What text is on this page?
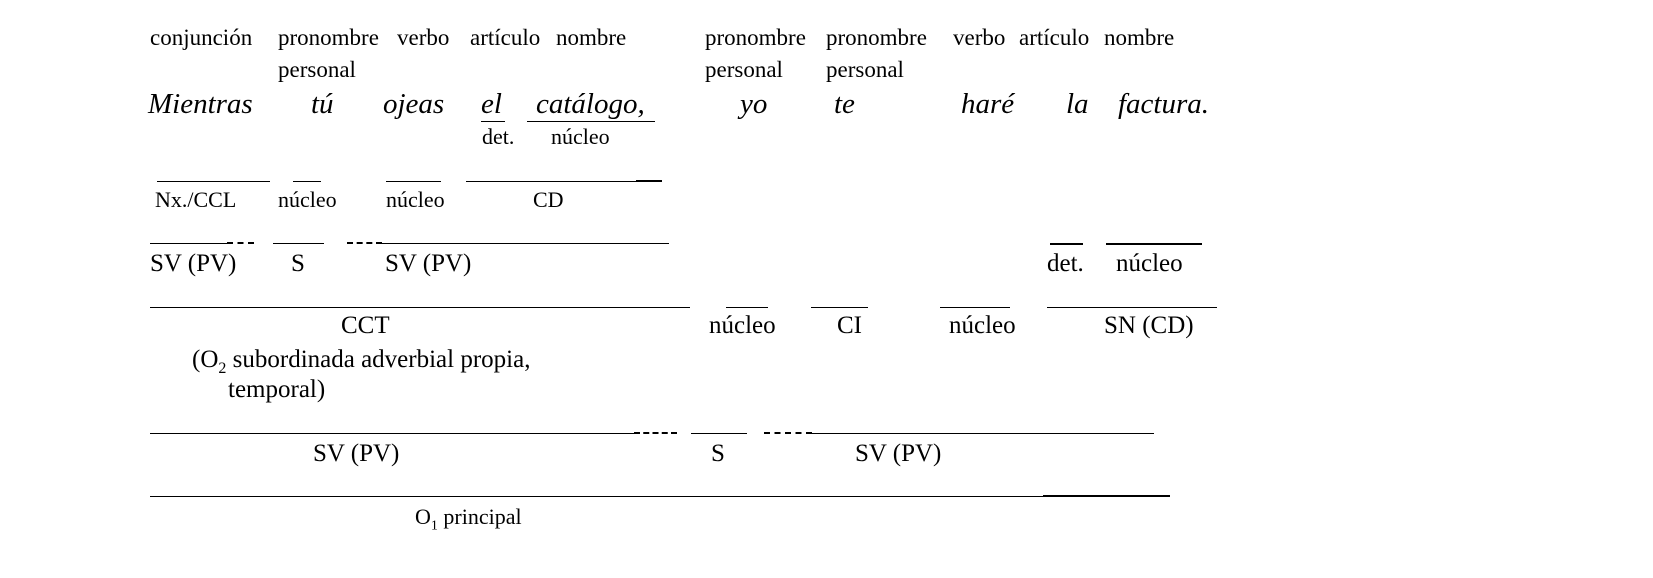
conjunción pronombre verbo artículo nombre	pronombre pronombre verbo artículo nombre
personal	personal personal
Mientras tú ojeas el catálogo,	yo te	haré la factura.
det. núcleo
Nx./CCL núcleo núcleo	CD
SV (PV) S	SV (PV)	det. núcleo
CCT	núcleo CI	núcleo	SN (CD)
($O_2$ subordinada adverbial propia,
temporal)
SV (PV)	S	SV (PV)
$O_1$ principal
